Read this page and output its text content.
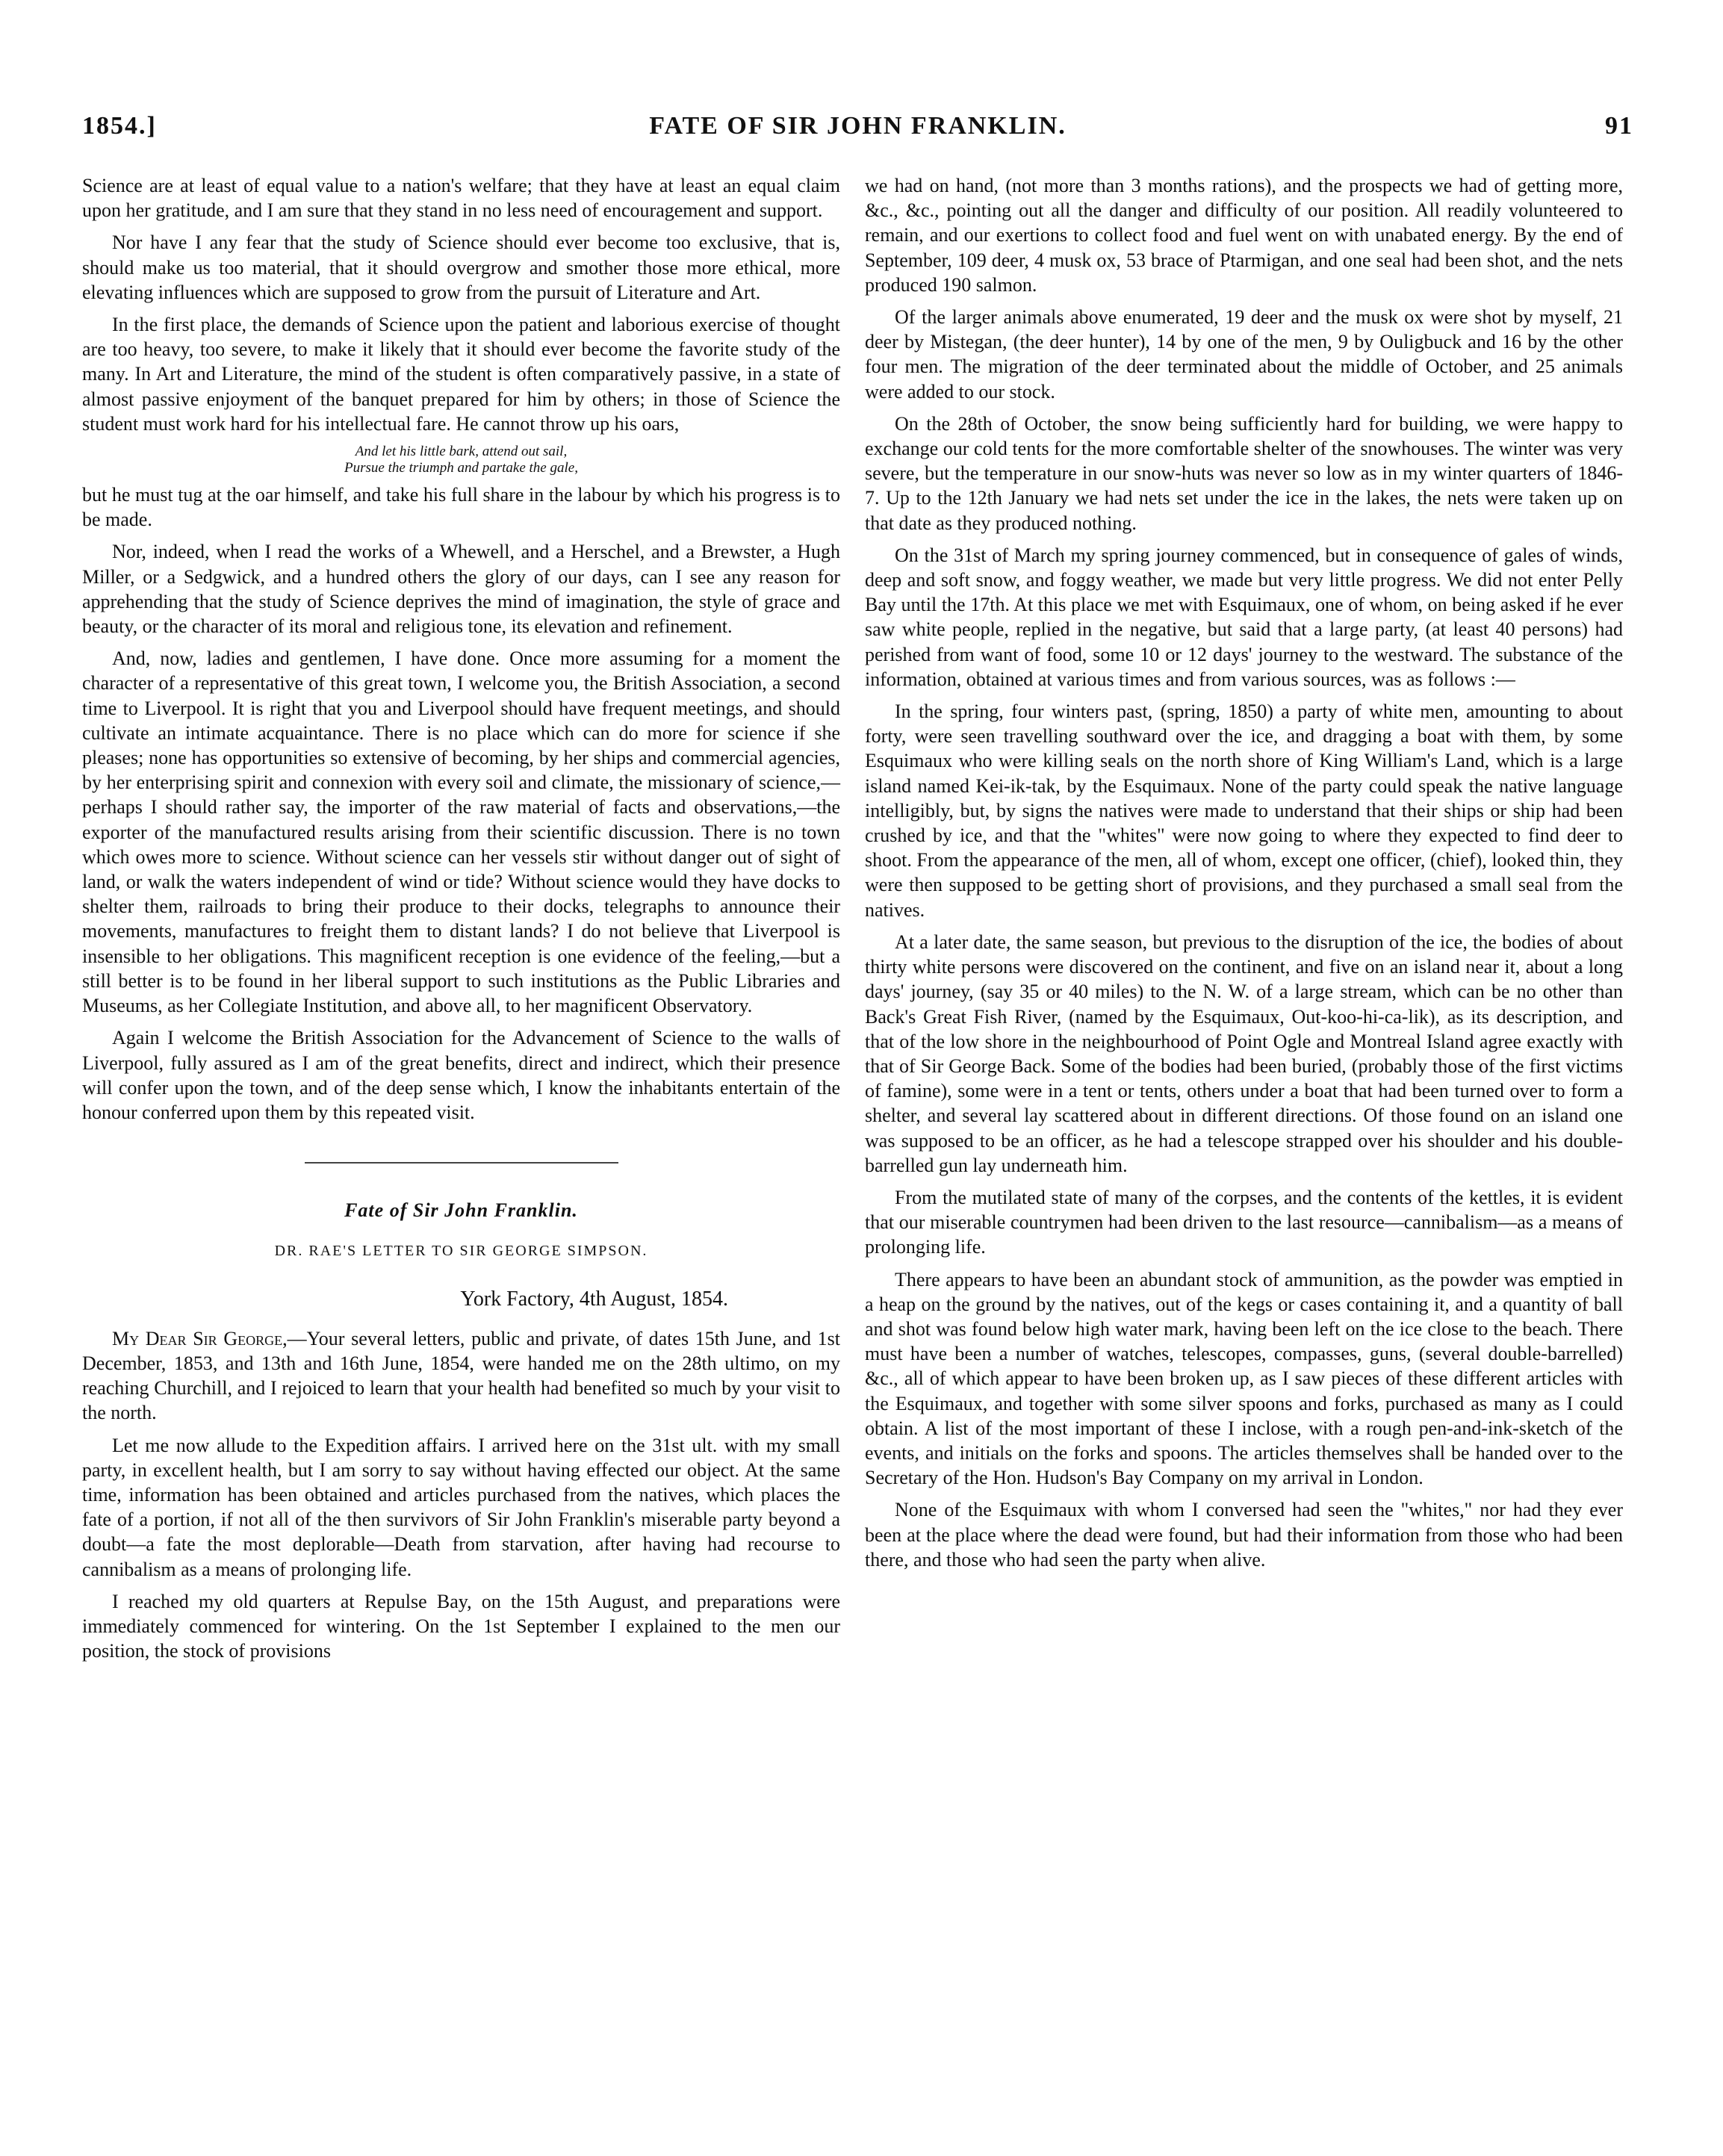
1854.]	FATE OF SIR JOHN FRANKLIN.	91

Science are at least of equal value to a nation's welfare; that they have at least an equal claim upon her gratitude, and I am sure that they stand in no less need of encouragement and support.

Nor have I any fear that the study of Science should ever become too exclusive, that is, should make us too material, that it should overgrow and smother those more ethical, more elevating influences which are supposed to grow from the pursuit of Literature and Art.

In the first place, the demands of Science upon the patient and laborious exercise of thought are too heavy, too severe, to make it likely that it should ever become the favorite study of the many. In Art and Literature, the mind of the student is often comparatively passive, in a state of almost passive enjoyment of the banquet prepared for him by others; in those of Science the student must work hard for his intellectual fare. He cannot throw up his oars,

And let his little bark, attend out sail,
Pursue the triumph and partake the gale,

but he must tug at the oar himself, and take his full share in the labour by which his progress is to be made.

Nor, indeed, when I read the works of a Whewell, and a Herschel, and a Brewster, a Hugh Miller, or a Sedgwick, and a hundred others the glory of our days, can I see any reason for apprehending that the study of Science deprives the mind of imagination, the style of grace and beauty, or the character of its moral and religious tone, its elevation and refinement.

And, now, ladies and gentlemen, I have done. Once more assuming for a moment the character of a representative of this great town, I welcome you, the British Association, a second time to Liverpool. It is right that you and Liverpool should have frequent meetings, and should cultivate an intimate acquaintance. There is no place which can do more for science if she pleases; none has opportunities so extensive of becoming, by her ships and commercial agencies, by her enterprising spirit and connexion with every soil and climate, the missionary of science,—perhaps I should rather say, the importer of the raw material of facts and observations,—the exporter of the manufactured results arising from their scientific discussion. There is no town which owes more to science. Without science can her vessels stir without danger out of sight of land, or walk the waters independent of wind or tide? Without science would they have docks to shelter them, railroads to bring their produce to their docks, telegraphs to announce their movements, manufactures to freight them to distant lands? I do not believe that Liverpool is insensible to her obligations. This magnificent reception is one evidence of the feeling,—but a still better is to be found in her liberal support to such institutions as the Public Libraries and Museums, as her Collegiate Institution, and above all, to her magnificent Observatory.

Again I welcome the British Association for the Advancement of Science to the walls of Liverpool, fully assured as I am of the great benefits, direct and indirect, which their presence will confer upon the town, and of the deep sense which, I know the inhabitants entertain of the honour conferred upon them by this repeated visit.

Fate of Sir John Franklin.
DR. RAE'S LETTER TO SIR GEORGE SIMPSON.
York Factory, 4th August, 1854.

My Dear Sir George,—Your several letters, public and private, of dates 15th June, and 1st December, 1853, and 13th and 16th June, 1854, were handed me on the 28th ultimo, on my reaching Churchill, and I rejoiced to learn that your health had benefited so much by your visit to the north.

Let me now allude to the Expedition affairs. I arrived here on the 31st ult. with my small party, in excellent health, but I am sorry to say without having effected our object. At the same time, information has been obtained and articles purchased from the natives, which places the fate of a portion, if not all of the then survivors of Sir John Franklin's miserable party beyond a doubt—a fate the most deplorable—Death from starvation, after having had recourse to cannibalism as a means of prolonging life.

I reached my old quarters at Repulse Bay, on the 15th August, and preparations were immediately commenced for wintering. On the 1st September I explained to the men our position, the stock of provisions

we had on hand, (not more than 3 months rations), and the prospects we had of getting more, &c., &c., pointing out all the danger and difficulty of our position. All readily volunteered to remain, and our exertions to collect food and fuel went on with unabated energy. By the end of September, 109 deer, 4 musk ox, 53 brace of Ptarmigan, and one seal had been shot, and the nets produced 190 salmon.

Of the larger animals above enumerated, 19 deer and the musk ox were shot by myself, 21 deer by Mistegan, (the deer hunter), 14 by one of the men, 9 by Ouligbuck and 16 by the other four men. The migration of the deer terminated about the middle of October, and 25 animals were added to our stock.

On the 28th of October, the snow being sufficiently hard for building, we were happy to exchange our cold tents for the more comfortable shelter of the snowhouses. The winter was very severe, but the temperature in our snow-huts was never so low as in my winter quarters of 1846-7. Up to the 12th January we had nets set under the ice in the lakes, the nets were taken up on that date as they produced nothing.

On the 31st of March my spring journey commenced, but in consequence of gales of winds, deep and soft snow, and foggy weather, we made but very little progress. We did not enter Pelly Bay until the 17th. At this place we met with Esquimaux, one of whom, on being asked if he ever saw white people, replied in the negative, but said that a large party, (at least 40 persons) had perished from want of food, some 10 or 12 days' journey to the westward. The substance of the information, obtained at various times and from various sources, was as follows :—

In the spring, four winters past, (spring, 1850) a party of white men, amounting to about forty, were seen travelling southward over the ice, and dragging a boat with them, by some Esquimaux who were killing seals on the north shore of King William's Land, which is a large island named Kei-ik-tak, by the Esquimaux. None of the party could speak the native language intelligibly, but, by signs the natives were made to understand that their ships or ship had been crushed by ice, and that the "whites" were now going to where they expected to find deer to shoot. From the appearance of the men, all of whom, except one officer, (chief), looked thin, they were then supposed to be getting short of provisions, and they purchased a small seal from the natives.

At a later date, the same season, but previous to the disruption of the ice, the bodies of about thirty white persons were discovered on the continent, and five on an island near it, about a long days' journey, (say 35 or 40 miles) to the N. W. of a large stream, which can be no other than Back's Great Fish River, (named by the Esquimaux, Out-koo-hi-ca-lik), as its description, and that of the low shore in the neighbourhood of Point Ogle and Montreal Island agree exactly with that of Sir George Back. Some of the bodies had been buried, (probably those of the first victims of famine), some were in a tent or tents, others under a boat that had been turned over to form a shelter, and several lay scattered about in different directions. Of those found on an island one was supposed to be an officer, as he had a telescope strapped over his shoulder and his double-barrelled gun lay underneath him.

From the mutilated state of many of the corpses, and the contents of the kettles, it is evident that our miserable countrymen had been driven to the last resource—cannibalism—as a means of prolonging life.

There appears to have been an abundant stock of ammunition, as the powder was emptied in a heap on the ground by the natives, out of the kegs or cases containing it, and a quantity of ball and shot was found below high water mark, having been left on the ice close to the beach. There must have been a number of watches, telescopes, compasses, guns, (several double-barrelled) &c., all of which appear to have been broken up, as I saw pieces of these different articles with the Esquimaux, and together with some silver spoons and forks, purchased as many as I could obtain. A list of the most important of these I inclose, with a rough pen-and-ink-sketch of the events, and initials on the forks and spoons. The articles themselves shall be handed over to the Secretary of the Hon. Hudson's Bay Company on my arrival in London.

None of the Esquimaux with whom I conversed had seen the "whites," nor had they ever been at the place where the dead were found, but had their information from those who had been there, and those who had seen the party when alive.
